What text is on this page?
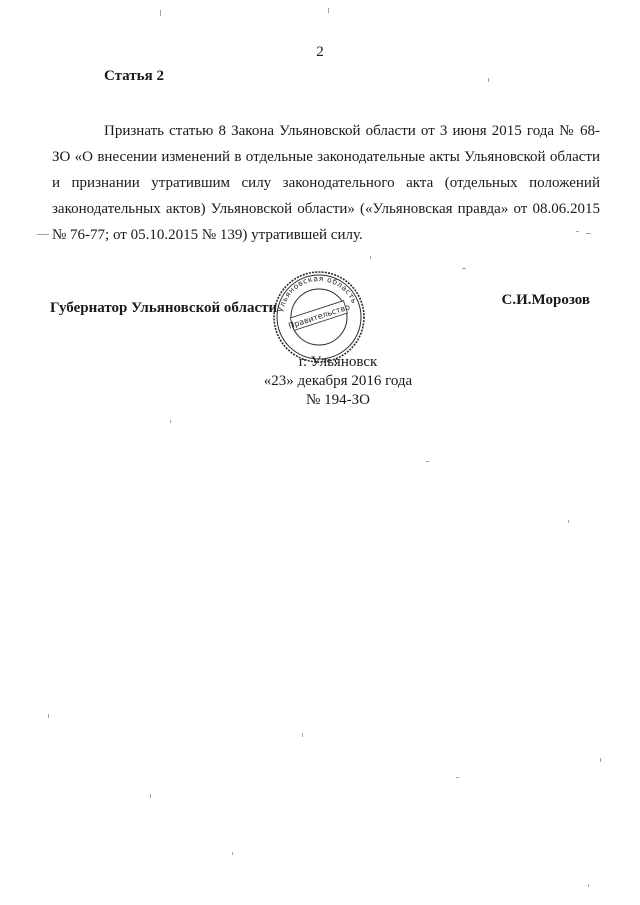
2
Статья 2
Признать статью 8 Закона Ульяновской области от 3 июня 2015 года № 68-ЗО «О внесении изменений в отдельные законодательные акты Ульяновской области и признании утратившим силу законодательного акта (отдельных положений законодательных актов) Ульяновской области» («Ульяновская правда» от 08.06.2015 № 76-77; от 05.10.2015 № 139) утратившей силу.
Губернатор Ульяновской области	С.И.Морозов
Ульяновская область
Правительство
г. Ульяновск
«23» декабря 2016 года
№ 194-ЗО
